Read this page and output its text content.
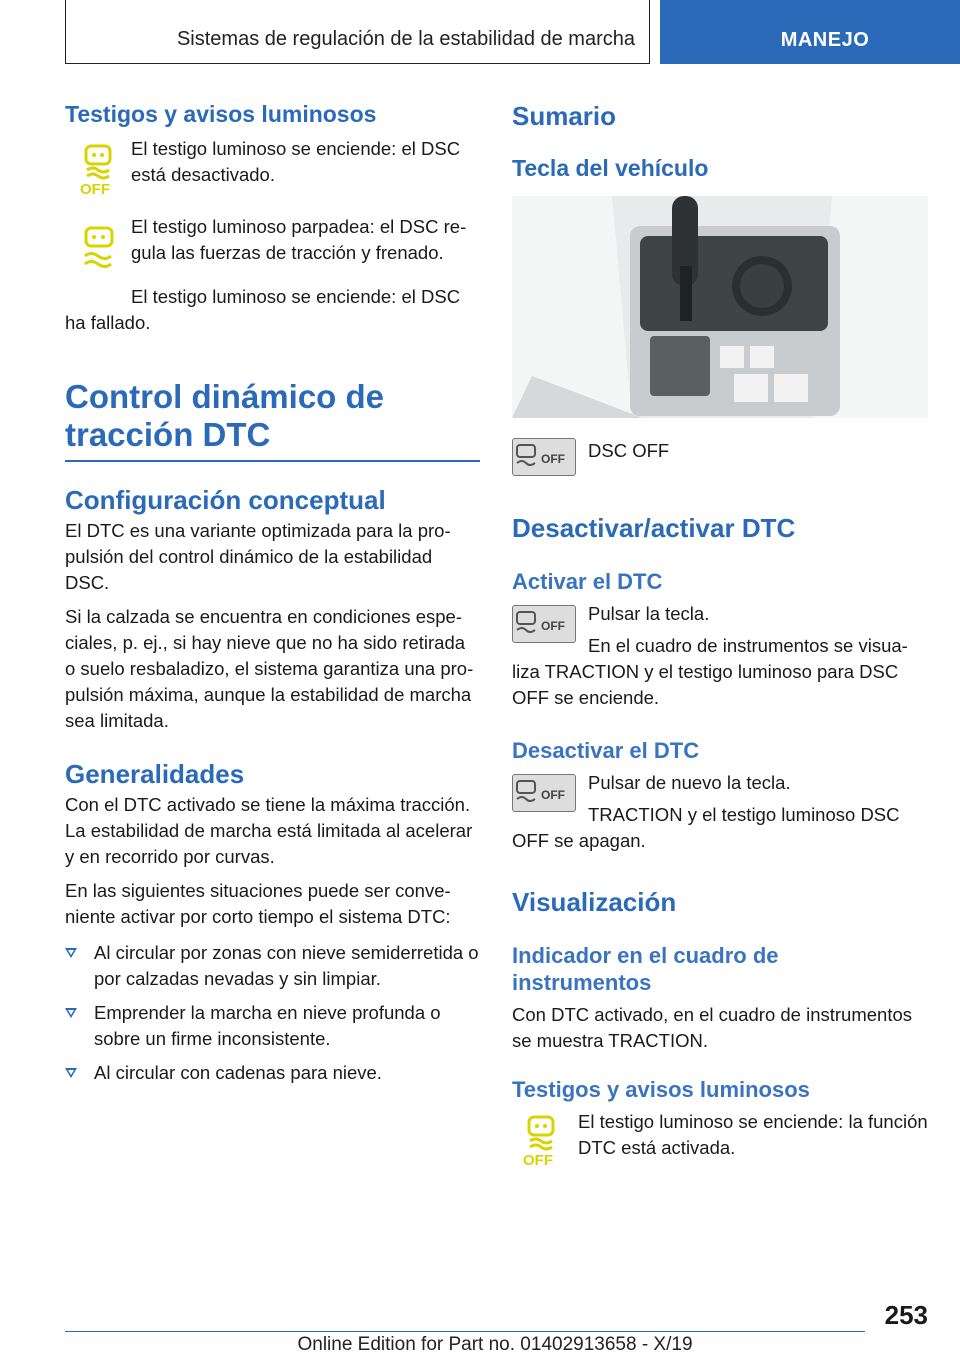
Sistemas de regulación de la estabilidad de marcha	MANEJO
Testigos y avisos luminosos
OFF

El testigo luminoso se enciende: el DSC está desactivado.

El testigo luminoso parpadea: el DSC regula las fuerzas de tracción y frenado.

El testigo luminoso se enciende: el DSC ha fallado.

Control dinámico de tracción DTC
Configuración conceptual

El DTC es una variante optimizada para la propulsión del control dinámico de la estabilidad DSC.

Si la calzada se encuentra en condiciones especiales, p. ej., si hay nieve que no ha sido retirada o suelo resbaladizo, el sistema garantiza una propulsión máxima, aunque la estabilidad de marcha sea limitada.

Generalidades

Con el DTC activado se tiene la máxima tracción. La estabilidad de marcha está limitada al acelerar y en recorrido por curvas.

En las siguientes situaciones puede ser conveniente activar por corto tiempo el sistema DTC:

Al circular por zonas con nieve semiderretida o por calzadas nevadas y sin limpiar.
Emprender la marcha en nieve profunda o sobre un firme inconsistente.
Al circular con cadenas para nieve.
Sumario
Tecla del vehículo
OFF	DSC OFF

Desactivar/activar DTC
Activar el DTC
OFF

Pulsar la tecla.

En el cuadro de instrumentos se visualiza TRACTION y el testigo luminoso para DSC OFF se enciende.

Desactivar el DTC
OFF

Pulsar de nuevo la tecla.

TRACTION y el testigo luminoso DSC OFF se apagan.

Visualización
Indicador en el cuadro de instrumentos

Con DTC activado, en el cuadro de instrumentos se muestra TRACTION.

Testigos y avisos luminosos
OFF

El testigo luminoso se enciende: la función DTC está activada.

253
Online Edition for Part no. 01402913658 - X/19
